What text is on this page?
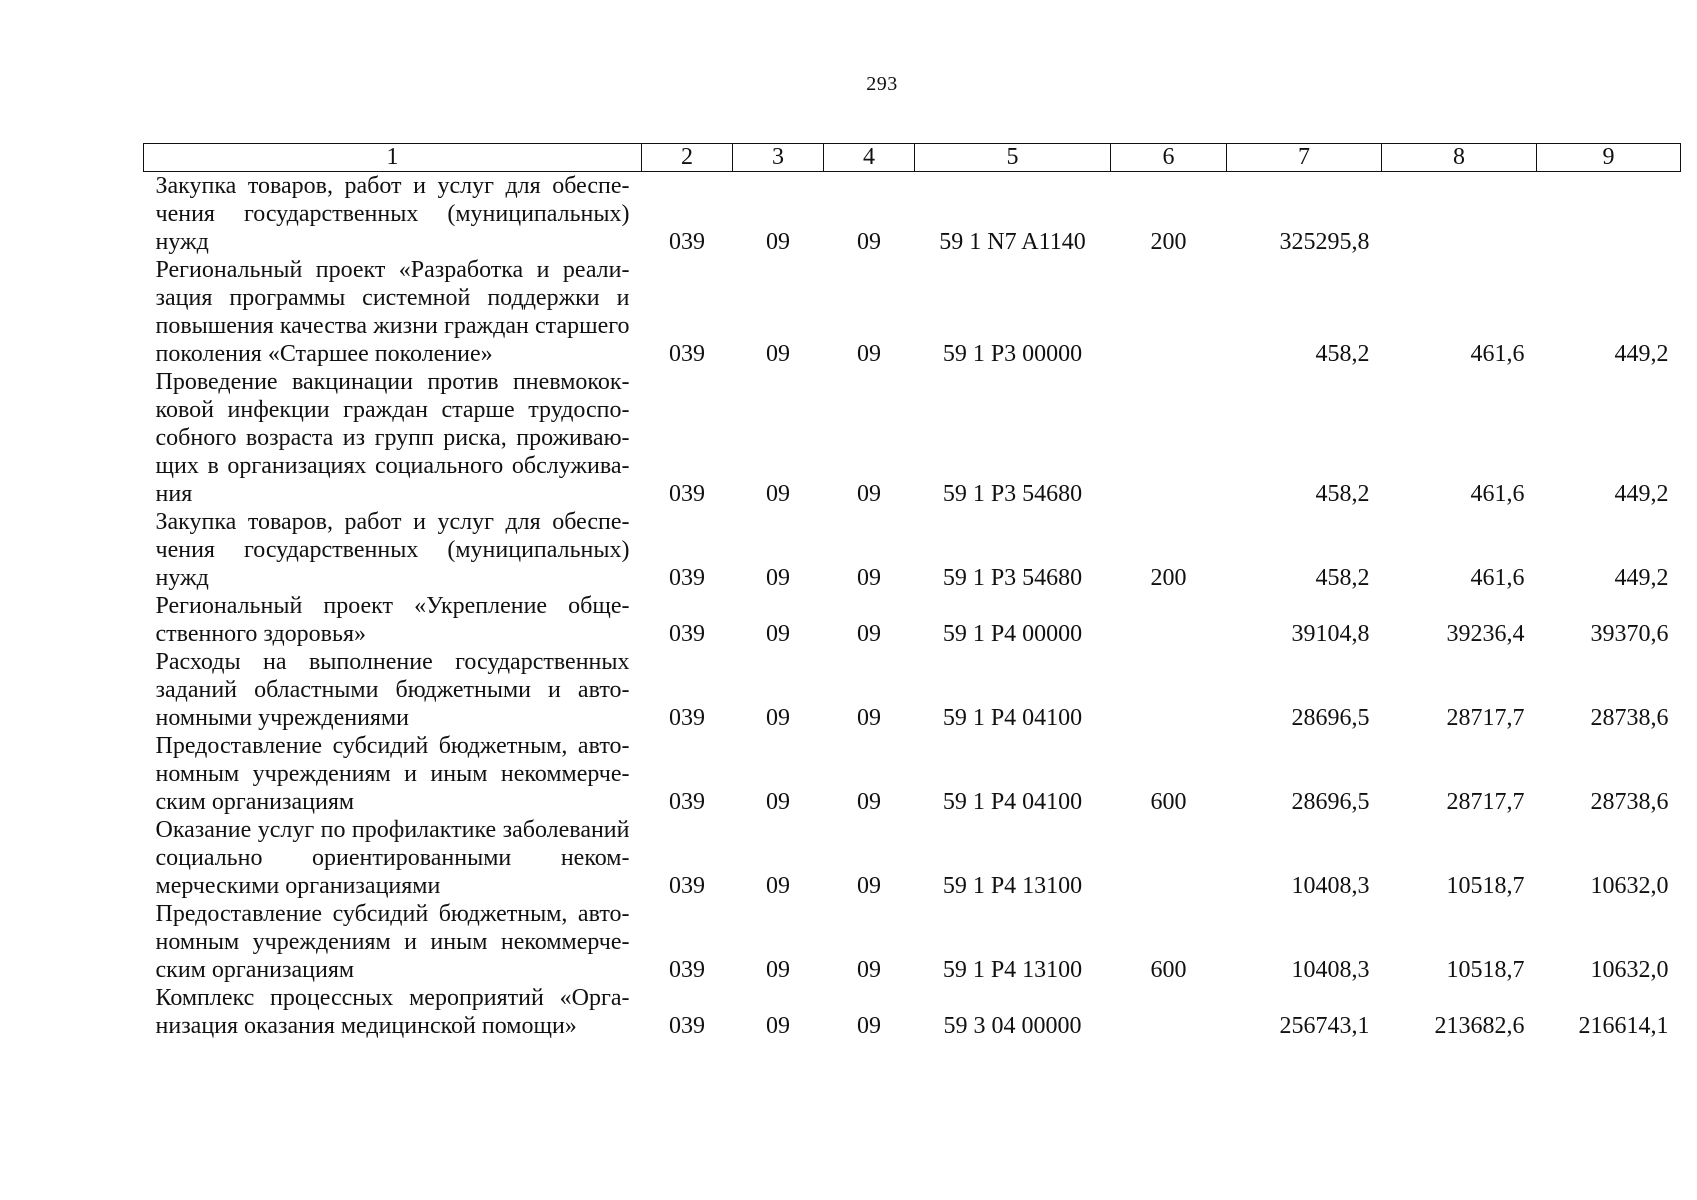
293
1	2	3	4	5	6	7	8	9
Закупка товаров, работ и услуг для обеспечения государственных (муниципальных) нужд	039	09	09	59 1 N7 A1140	200	325295,8		
Региональный проект «Разработка и реализация программы системной поддержки и повышения качества жизни граждан старшего поколения «Старшее поколение»	039	09	09	59 1 Р3 00000		458,2	461,6	449,2
Проведение вакцинации против пневмококковой инфекции граждан старше трудоспособного возраста из групп риска, проживающих в организациях социального обслуживания	039	09	09	59 1 Р3 54680		458,2	461,6	449,2
Закупка товаров, работ и услуг для обеспечения государственных (муниципальных) нужд	039	09	09	59 1 Р3 54680	200	458,2	461,6	449,2
Региональный проект «Укрепление общественного здоровья»	039	09	09	59 1 Р4 00000		39104,8	39236,4	39370,6
Расходы на выполнение государственных заданий областными бюджетными и автономными учреждениями	039	09	09	59 1 Р4 04100		28696,5	28717,7	28738,6
Предоставление субсидий бюджетным, автономным учреждениям и иным некоммерческим организациям	039	09	09	59 1 Р4 04100	600	28696,5	28717,7	28738,6
Оказание услуг по профилактике заболеваний социально ориентированными некоммерческими организациями	039	09	09	59 1 Р4 13100		10408,3	10518,7	10632,0
Предоставление субсидий бюджетным, автономным учреждениям и иным некоммерческим организациям	039	09	09	59 1 Р4 13100	600	10408,3	10518,7	10632,0
Комплекс процессных мероприятий «Организация оказания медицинской помощи»	039	09	09	59 3 04 00000		256743,1	213682,6	216614,1
